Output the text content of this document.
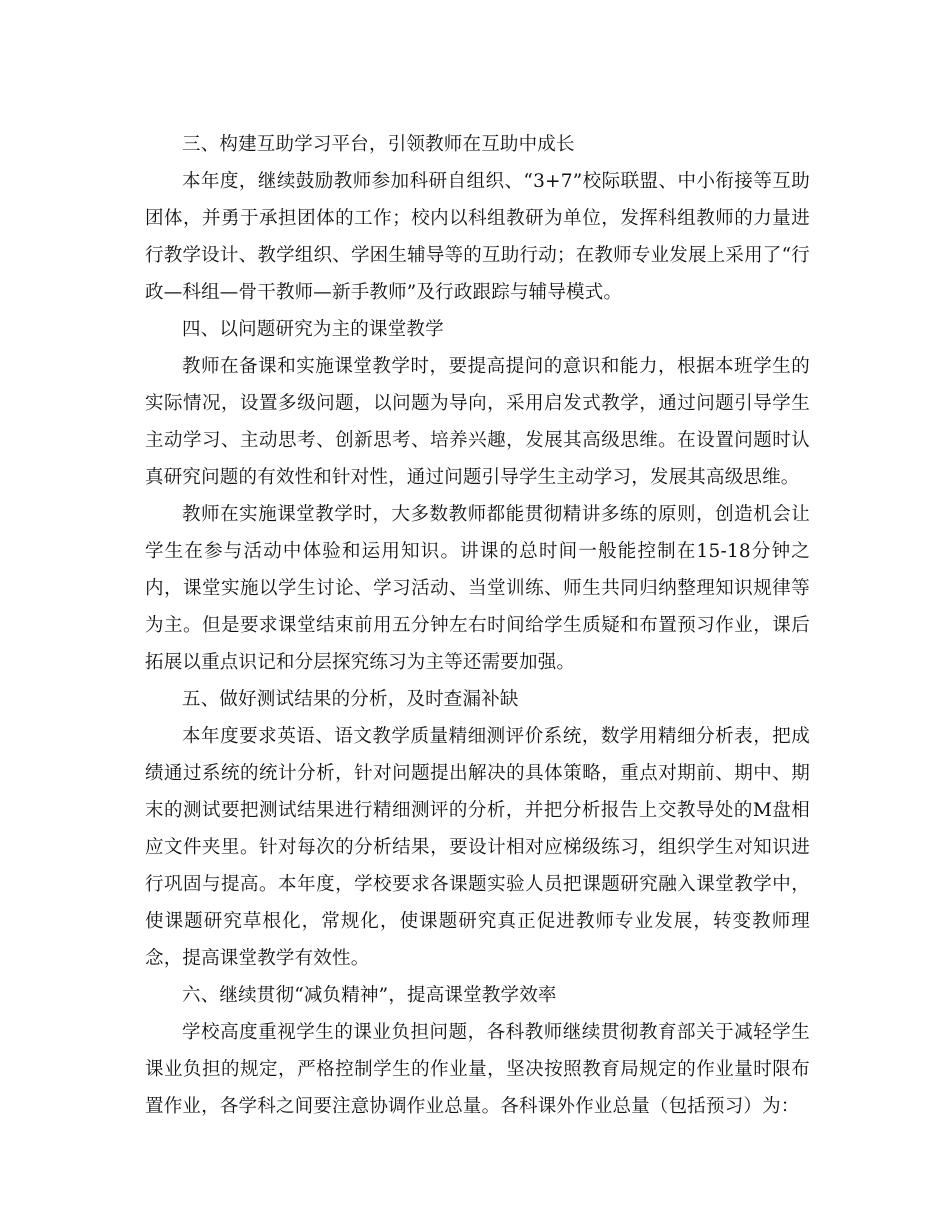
三、构建互助学习平台，引领教师在互助中成长

本年度，继续鼓励教师参加科研自组织、“3+7”校际联盟、中小衔接等互助团体，并勇于承担团体的工作；校内以科组教研为单位，发挥科组教师的力量进行教学设计、教学组织、学困生辅导等的互助行动；在教师专业发展上采用了“行政—科组—骨干教师—新手教师”及行政跟踪与辅导模式。

四、以问题研究为主的课堂教学

教师在备课和实施课堂教学时，要提高提问的意识和能力，根据本班学生的实际情况，设置多级问题，以问题为导向，采用启发式教学，通过问题引导学生主动学习、主动思考、创新思考、培养兴趣，发展其高级思维。在设置问题时认真研究问题的有效性和针对性，通过问题引导学生主动学习，发展其高级思维。

教师在实施课堂教学时，大多数教师都能贯彻精讲多练的原则，创造机会让学生在参与活动中体验和运用知识。讲课的总时间一般能控制在15-18分钟之内，课堂实施以学生讨论、学习活动、当堂训练、师生共同归纳整理知识规律等为主。但是要求课堂结束前用五分钟左右时间给学生质疑和布置预习作业，课后拓展以重点识记和分层探究练习为主等还需要加强。

五、做好测试结果的分析，及时查漏补缺

本年度要求英语、语文教学质量精细测评价系统，数学用精细分析表，把成绩通过系统的统计分析，针对问题提出解决的具体策略，重点对期前、期中、期末的测试要把测试结果进行精细测评的分析，并把分析报告上交教导处的M盘相应文件夹里。针对每次的分析结果，要设计相对应梯级练习，组织学生对知识进行巩固与提高。本年度，学校要求各课题实验人员把课题研究融入课堂教学中，使课题研究草根化，常规化，使课题研究真正促进教师专业发展，转变教师理念，提高课堂教学有效性。

六、继续贯彻“减负精神”，提高课堂教学效率

学校高度重视学生的课业负担问题，各科教师继续贯彻教育部关于减轻学生课业负担的规定，严格控制学生的作业量，坚决按照教育局规定的作业量时限布置作业，各学科之间要注意协调作业总量。各科课外作业总量（包括预习）为：
